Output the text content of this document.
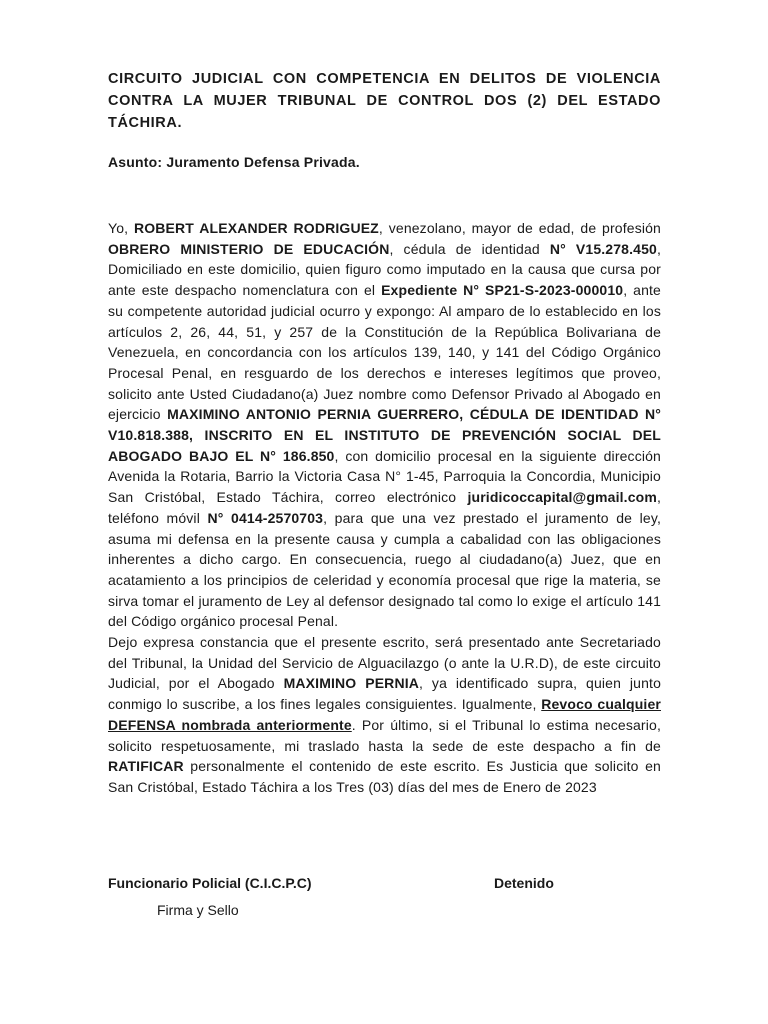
CIRCUITO JUDICIAL CON COMPETENCIA EN DELITOS DE VIOLENCIA CONTRA LA MUJER TRIBUNAL DE CONTROL DOS (2) DEL ESTADO TÁCHIRA.
Asunto: Juramento Defensa Privada.

Yo, ROBERT ALEXANDER RODRIGUEZ, venezolano, mayor de edad, de profesión OBRERO MINISTERIO DE EDUCACIÓN, cédula de identidad N° V15.278.450, Domiciliado en este domicilio, quien figuro como imputado en la causa que cursa por ante este despacho nomenclatura con el Expediente N° SP21-S-2023-000010, ante su competente autoridad judicial ocurro y expongo: Al amparo de lo establecido en los artículos 2, 26, 44, 51, y 257 de la Constitución de la República Bolivariana de Venezuela, en concordancia con los artículos 139, 140, y 141 del Código Orgánico Procesal Penal, en resguardo de los derechos e intereses legítimos que proveo, solicito ante Usted Ciudadano(a) Juez nombre como Defensor Privado al Abogado en ejercicio MAXIMINO ANTONIO PERNIA GUERRERO, CÉDULA DE IDENTIDAD N° V10.818.388, INSCRITO EN EL INSTITUTO DE PREVENCIÓN SOCIAL DEL ABOGADO BAJO EL N° 186.850, con domicilio procesal en la siguiente dirección Avenida la Rotaria, Barrio la Victoria Casa N° 1-45, Parroquia la Concordia, Municipio San Cristóbal, Estado Táchira, correo electrónico juridicoccapital@gmail.com, teléfono móvil N° 0414-2570703, para que una vez prestado el juramento de ley, asuma mi defensa en la presente causa y cumpla a cabalidad con las obligaciones inherentes a dicho cargo. En consecuencia, ruego al ciudadano(a) Juez, que en acatamiento a los principios de celeridad y economía procesal que rige la materia, se sirva tomar el juramento de Ley al defensor designado tal como lo exige el artículo 141 del Código orgánico procesal Penal.

Dejo expresa constancia que el presente escrito, será presentado ante Secretariado del Tribunal, la Unidad del Servicio de Alguacilazgo (o ante la U.R.D), de este circuito Judicial, por el Abogado MAXIMINO PERNIA, ya identificado supra, quien junto conmigo lo suscribe, a los fines legales consiguientes. Igualmente, Revoco cualquier DEFENSA nombrada anteriormente. Por último, si el Tribunal lo estima necesario, solicito respetuosamente, mi traslado hasta la sede de este despacho a fin de RATIFICAR personalmente el contenido de este escrito. Es Justicia que solicito en San Cristóbal, Estado Táchira a los Tres (03) días del mes de Enero de 2023

Funcionario Policial (C.I.C.P.C)	Detenido
Firma y Sello
